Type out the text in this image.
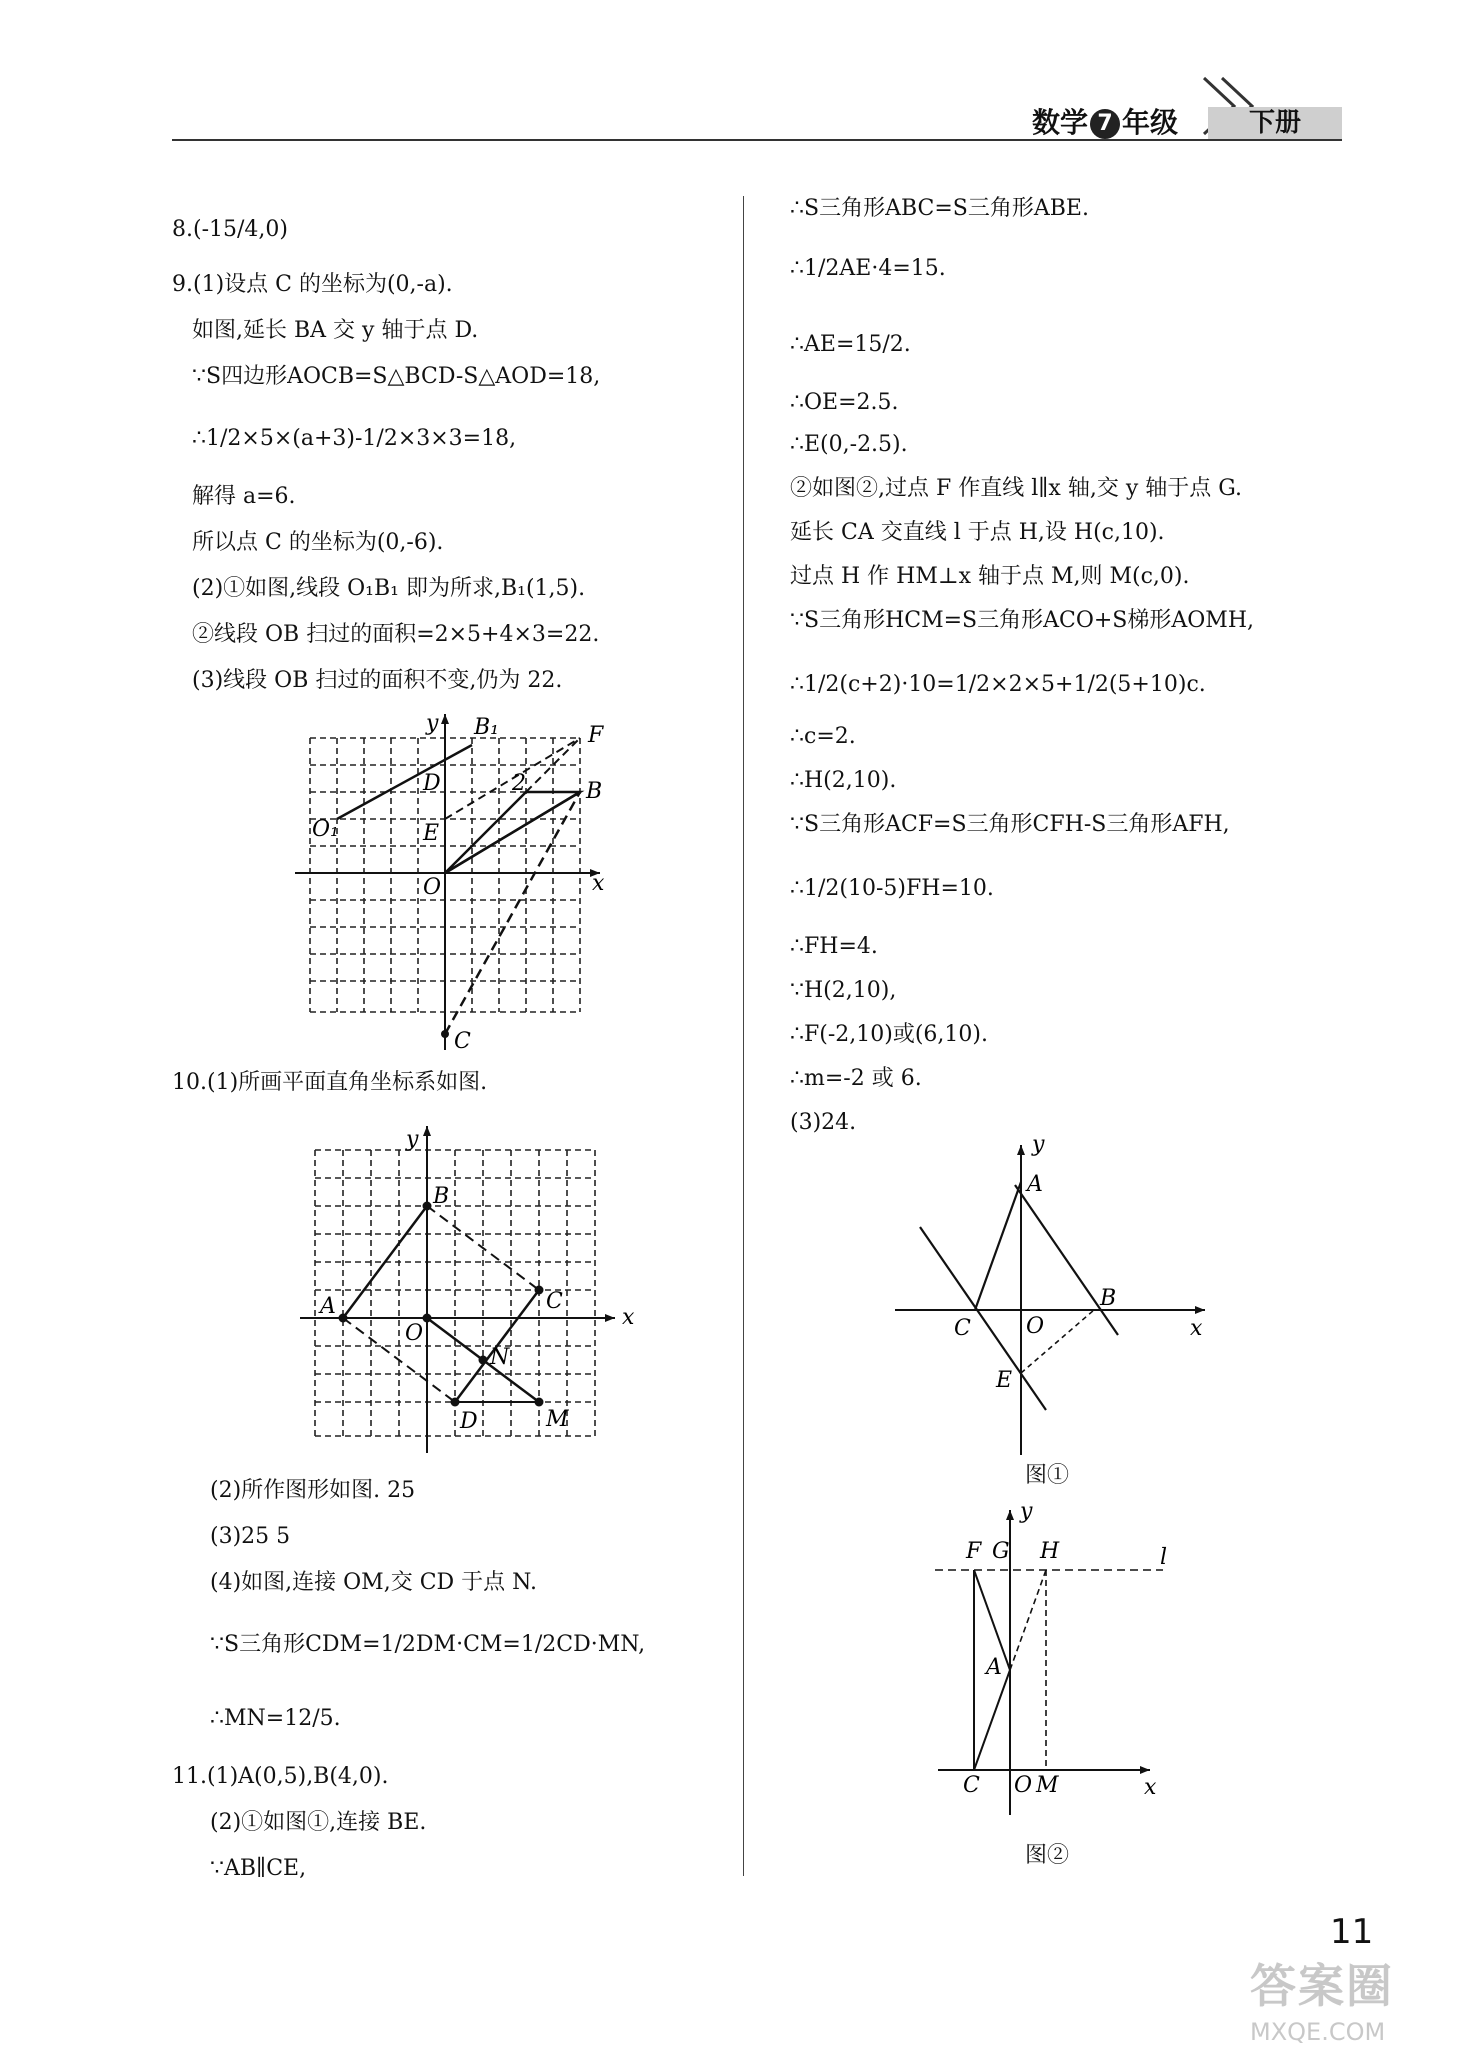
数学 7 年级	下册
8.(-15/4,0)
9.(1)设点 C 的坐标为(0,-a).
如图,延长 BA 交 y 轴于点 D.
∵S四边形AOCB=S△BCD-S△AOD=18,
∴1/2×5×(a+3)-1/2×3×3=18,
解得 a=6.
所以点 C 的坐标为(0,-6).
(2)①如图,线段 O₁B₁ 即为所求,B₁(1,5).
②线段 OB 扫过的面积=2×5+4×3=22.
(3)线段 OB 扫过的面积不变,仍为 22.
y B₁	F
D	2	B
O₁	E
O	x
C
10.(1)所画平面直角坐标系如图.
y
B
A	C
O
x
N
D	M
(2)所作图形如图. 25
(3)25 5
(4)如图,连接 OM,交 CD 于点 N.
∵S三角形CDM=1/2DM·CM=1/2CD·MN,
∴MN=12/5.
11.(1)A(0,5),B(4,0).
(2)①如图①,连接 BE.
∵AB∥CE,
∴S三角形ABC=S三角形ABE.
∴1/2AE·4=15.
∴AE=15/2.
∴OE=2.5.
∴E(0,-2.5).
②如图②,过点 F 作直线 l∥x 轴,交 y 轴于点 G.
延长 CA 交直线 l 于点 H,设 H(c,10).
过点 H 作 HM⊥x 轴于点 M,则 M(c,0).
∵S三角形HCM=S三角形ACO+S梯形AOMH,
∴1/2(c+2)·10=1/2×2×5+1/2(5+10)c.
∴c=2.
∴H(2,10).
∵S三角形ACF=S三角形CFH-S三角形AFH,
∴1/2(10-5)FH=10.
∴FH=4.
∵H(2,10),
∴F(-2,10)或(6,10).
∴m=-2 或 6.
(3)24.
y
A
B
C	O	x
E
图①
y
F G H	l
A
C O M	x
图②
11
答案圈
MXQE.COM
